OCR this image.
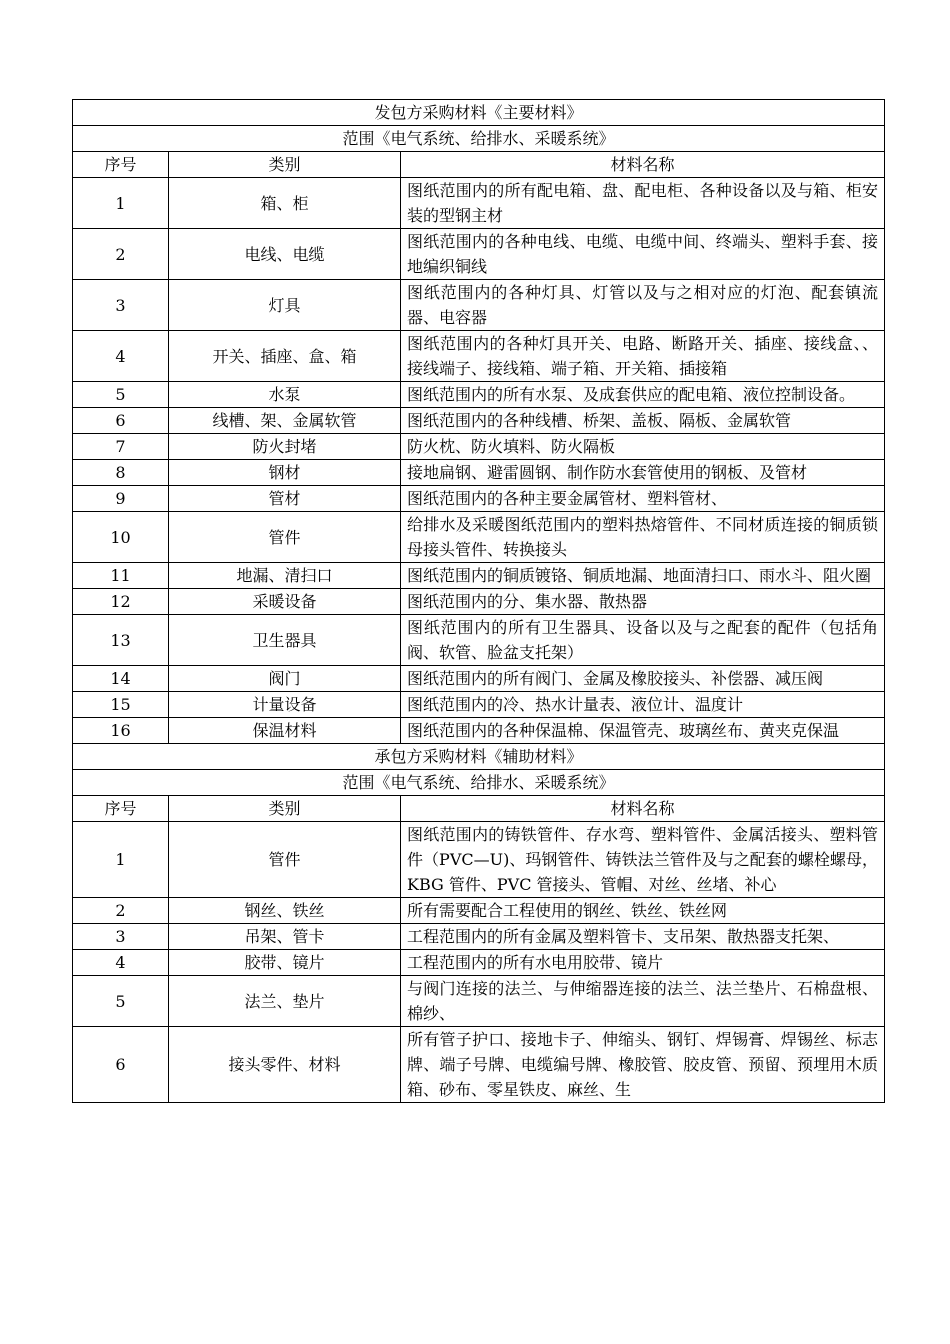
发包方采购材料《主要材料》		
范围《电气系统、给排水、采暖系统》		
序号	类别	材料名称
1	箱、柜	图纸范围内的所有配电箱、盘、配电柜、各种设备以及与箱、柜安装的型钢主材
2	电线、电缆	图纸范围内的各种电线、电缆、电缆中间、终端头、塑料手套、接地编织铜线
3	灯具	图纸范围内的各种灯具、灯管以及与之相对应的灯泡、配套镇流器、电容器
4	开关、插座、盒、箱	图纸范围内的各种灯具开关、电路、断路开关、插座、接线盒、、接线端子、接线箱、端子箱、开关箱、插接箱
5	水泵	图纸范围内的所有水泵、及成套供应的配电箱、液位控制设备。
6	线槽、架、金属软管	图纸范围内的各种线槽、桥架、盖板、隔板、金属软管
7	防火封堵	防火枕、防火填料、防火隔板
8	钢材	接地扁钢、避雷圆钢、制作防水套管使用的钢板、及管材
9	管材	图纸范围内的各种主要金属管材、塑料管材、
10	管件	给排水及采暖图纸范围内的塑料热熔管件、不同材质连接的铜质锁母接头管件、转换接头
11	地漏、清扫口	图纸范围内的铜质镀铬、铜质地漏、地面清扫口、雨水斗、阻火圈
12	采暖设备	图纸范围内的分、集水器、散热器
13	卫生器具	图纸范围内的所有卫生器具、设备以及与之配套的配件（包括角阀、软管、脸盆支托架）
14	阀门	图纸范围内的所有阀门、金属及橡胶接头、补偿器、减压阀
15	计量设备	图纸范围内的冷、热水计量表、液位计、温度计
16	保温材料	图纸范围内的各种保温棉、保温管壳、玻璃丝布、黄夹克保温
承包方采购材料《辅助材料》		
范围《电气系统、给排水、采暖系统》		
序号	类别	材料名称
1	管件	图纸范围内的铸铁管件、存水弯、塑料管件、金属活接头、塑料管件（PVC—U)、玛钢管件、铸铁法兰管件及与之配套的螺栓螺母，KBG 管件、PVC 管接头、管帽、对丝、丝堵、补心
2	钢丝、铁丝	所有需要配合工程使用的钢丝、铁丝、铁丝网
3	吊架、管卡	工程范围内的所有金属及塑料管卡、支吊架、散热器支托架、
4	胶带、镜片	工程范围内的所有水电用胶带、镜片
5	法兰、垫片	与阀门连接的法兰、与伸缩器连接的法兰、法兰垫片、石棉盘根、棉纱、
6	接头零件、材料	所有管子护口、接地卡子、伸缩头、钢钉、焊锡膏、焊锡丝、标志牌、端子号牌、电缆编号牌、橡胶管、胶皮管、预留、预埋用木质箱、砂布、零星铁皮、麻丝、生
